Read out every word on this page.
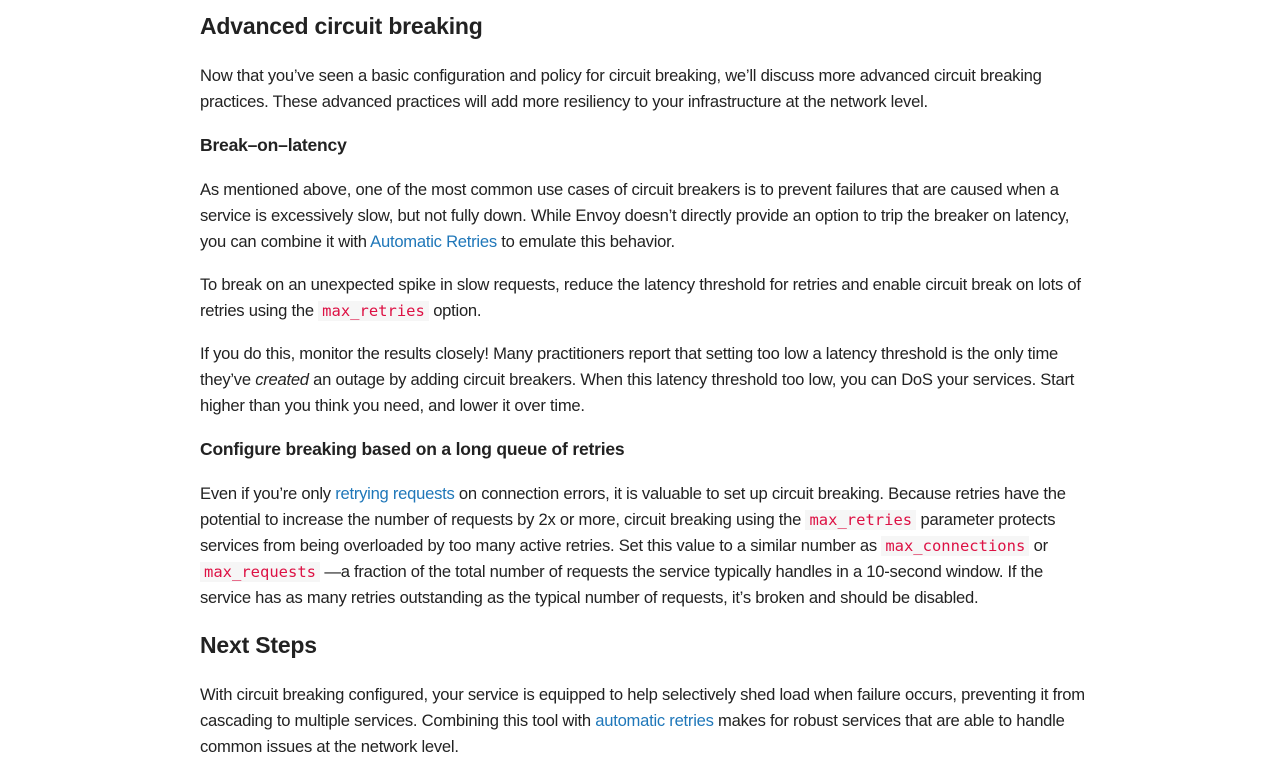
Advanced circuit breaking

Now that you’ve seen a basic configuration and policy for circuit breaking, we’ll discuss more advanced circuit breaking practices. These advanced practices will add more resiliency to your infrastructure at the network level.

Break–on–latency

As mentioned above, one of the most common use cases of circuit breakers is to prevent failures that are caused when a service is excessively slow, but not fully down. While Envoy doesn’t directly provide an option to trip the breaker on latency, you can combine it with Automatic Retries to emulate this behavior.

To break on an unexpected spike in slow requests, reduce the latency threshold for retries and enable circuit break on lots of retries using the max_retries option.

If you do this, monitor the results closely! Many practitioners report that setting too low a latency threshold is the only time they’ve created an outage by adding circuit breakers. When this latency threshold too low, you can DoS your services. Start higher than you think you need, and lower it over time.

Configure breaking based on a long queue of retries

Even if you’re only retrying requests on connection errors, it is valuable to set up circuit breaking. Because retries have the potential to increase the number of requests by 2x or more, circuit breaking using the max_retries parameter protects services from being overloaded by too many active retries. Set this value to a similar number as max_connections or max_requests —a fraction of the total number of requests the service typically handles in a 10-second window. If the service has as many retries outstanding as the typical number of requests, it’s broken and should be disabled.

Next Steps

With circuit breaking configured, your service is equipped to help selectively shed load when failure occurs, preventing it from cascading to multiple services. Combining this tool with automatic retries makes for robust services that are able to handle common issues at the network level.
